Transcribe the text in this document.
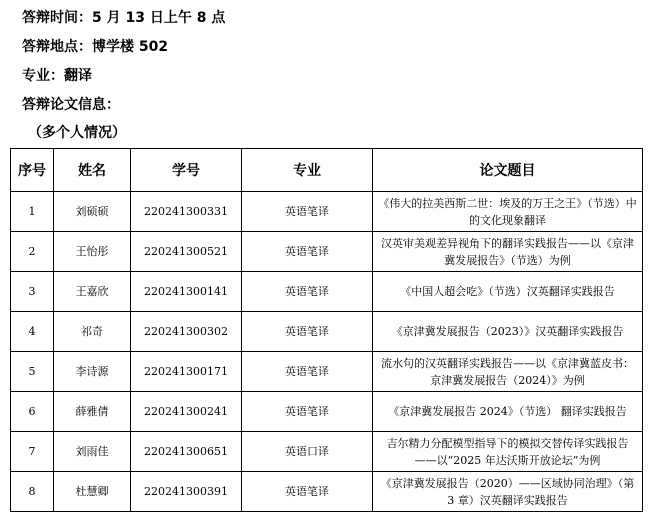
答辩时间：5 月 13 日上午 8 点
答辩地点：博学楼 502
专业：翻译
答辩论文信息：
（多个人情况）
序号	姓名	学号	专业	论文题目
1	刘硕硕	220241300331	英语笔译	《伟大的拉美西斯二世：埃及的万王之王》（节选）中的文化现象翻译
2	王怡彤	220241300521	英语笔译	汉英审美观差异视角下的翻译实践报告——以《京津冀发展报告》（节选）为例
3	王嘉欣	220241300141	英语笔译	《中国人超会吃》（节选）汉英翻译实践报告
4	祁奇	220241300302	英语笔译	《京津冀发展报告（2023）》汉英翻译实践报告
5	李诗源	220241300171	英语笔译	流水句的汉英翻译实践报告——以《京津冀蓝皮书：京津冀发展报告（2024）》为例
6	薛雅倩	220241300241	英语笔译	《京津冀发展报告 2024》（节选） 翻译实践报告
7	刘雨佳	220241300651	英语口译	吉尔精力分配模型指导下的模拟交替传译实践报告——以“2025 年达沃斯开放论坛”为例
8	杜慧卿	220241300391	英语笔译	《京津冀发展报告（2020）——区域协同治理》（第 3 章）汉英翻译实践报告
